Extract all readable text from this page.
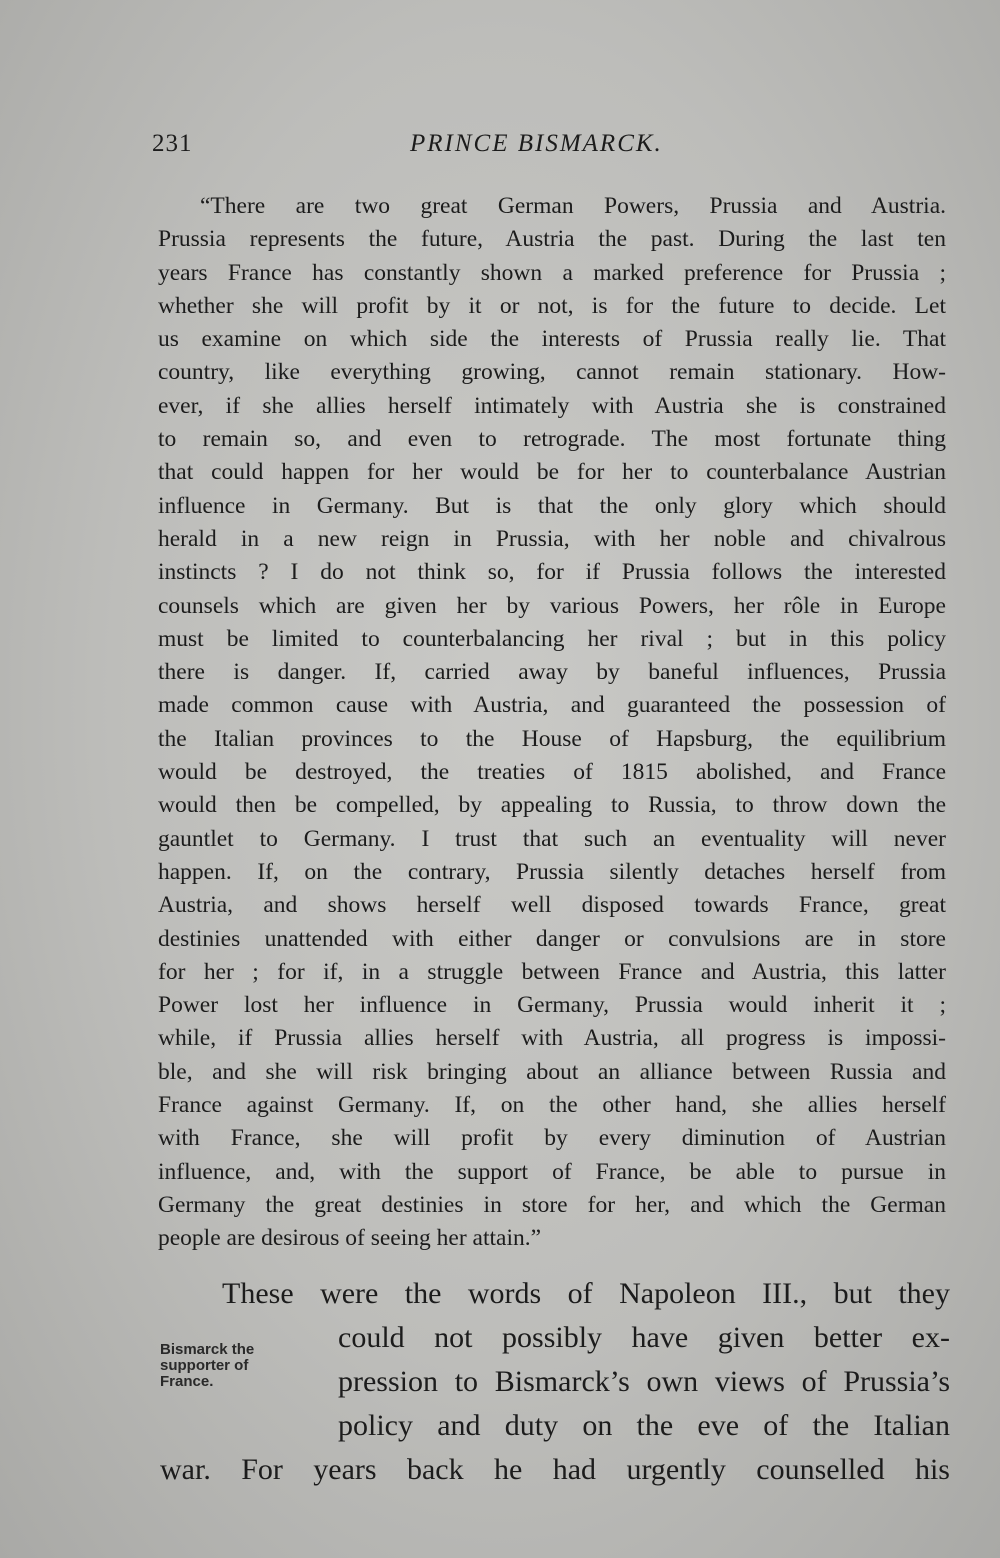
231	PRINCE BISMARCK.
“There are two great German Powers, Prussia and Austria.
Prussia represents the future, Austria the past. During the last ten
years France has constantly shown a marked preference for Prussia ;
whether she will profit by it or not, is for the future to decide. Let
us examine on which side the interests of Prussia really lie. That
country, like everything growing, cannot remain stationary. How-
ever, if she allies herself intimately with Austria she is constrained
to remain so, and even to retrograde. The most fortunate thing
that could happen for her would be for her to counterbalance Austrian
influence in Germany. But is that the only glory which should
herald in a new reign in Prussia, with her noble and chivalrous
instincts ? I do not think so, for if Prussia follows the interested
counsels which are given her by various Powers, her rôle in Europe
must be limited to counterbalancing her rival ; but in this policy
there is danger. If, carried away by baneful influences, Prussia
made common cause with Austria, and guaranteed the possession of
the Italian provinces to the House of Hapsburg, the equilibrium
would be destroyed, the treaties of 1815 abolished, and France
would then be compelled, by appealing to Russia, to throw down the
gauntlet to Germany. I trust that such an eventuality will never
happen. If, on the contrary, Prussia silently detaches herself from
Austria, and shows herself well disposed towards France, great
destinies unattended with either danger or convulsions are in store
for her ; for if, in a struggle between France and Austria, this latter
Power lost her influence in Germany, Prussia would inherit it ;
while, if Prussia allies herself with Austria, all progress is impossi-
ble, and she will risk bringing about an alliance between Russia and
France against Germany. If, on the other hand, she allies herself
with France, she will profit by every diminution of Austrian
influence, and, with the support of France, be able to pursue in
Germany the great destinies in store for her, and which the German
people are desirous of seeing her attain.”
Bismarck the
supporter of
France.
These were the words of Napoleon III., but they
could not possibly have given better ex-
pression to Bismarck’s own views of Prussia’s
policy and duty on the eve of the Italian
war. For years back he had urgently counselled his
